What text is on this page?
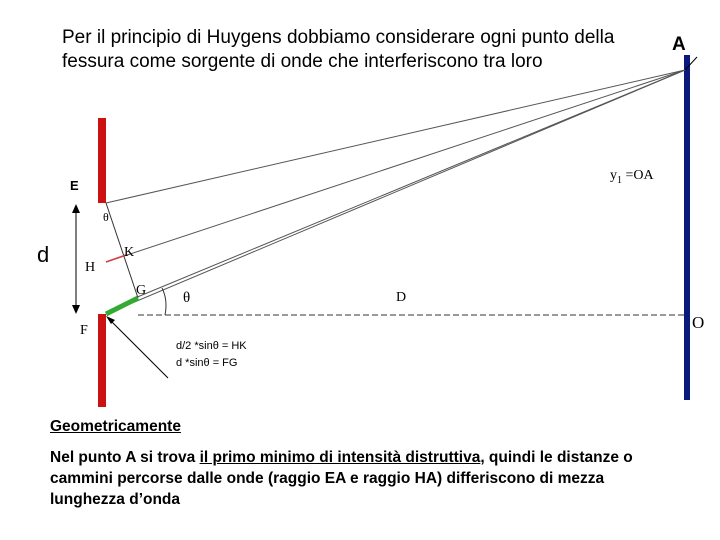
Per il principio di Huygens dobbiamo considerare ogni punto della fessura come sorgente di onde che interferiscono tra loro
A
O
E
F
H
K
G	D
d
θ
θ
$y_1 =OA$
d/2 *sinθ = HK
d *sinθ = FG
Geometricamente
Nel punto A si trova il primo minimo di intensità distruttiva, quindi le distanze o cammini percorse dalle onde (raggio EA e raggio HA) differiscono di mezza lunghezza d’onda
